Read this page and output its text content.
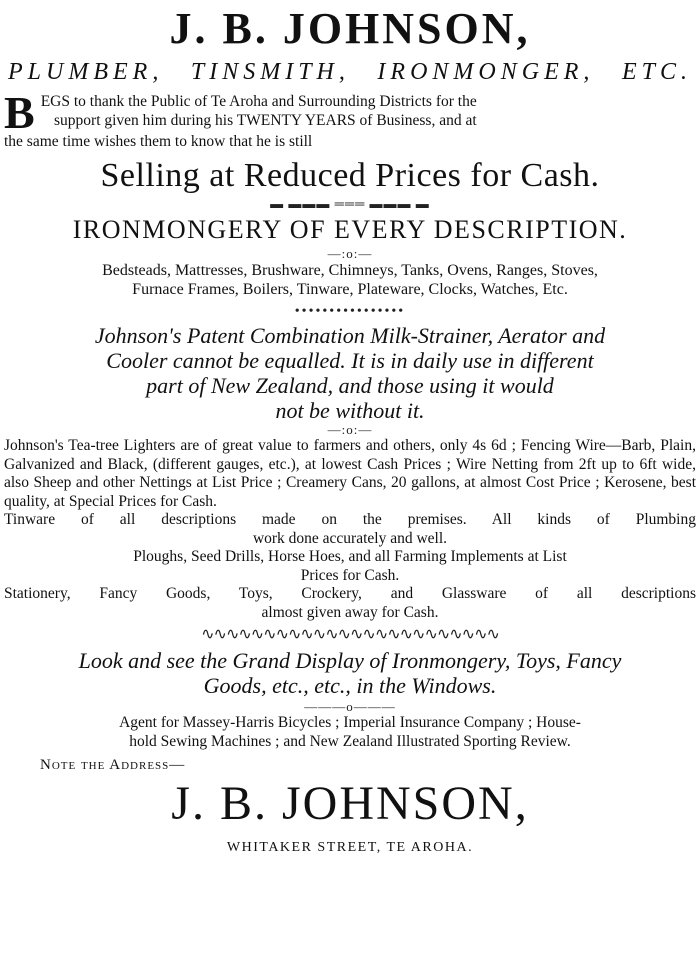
J. B. JOHNSON,
PLUMBER, TINSMITH, IRONMONGER, ETC.
B EGS to thank the Public of Te Aroha and Surrounding Districts for the
support given him during his TWENTY YEARS of Business, and at
the same time wishes them to know that he is still
Selling at Reduced Prices for Cash.
▬ ▬▬▬ ═══ ▬▬▬ ▬
IRONMONGERY OF EVERY DESCRIPTION.
—:o:—
Bedsteads, Mattresses, Brushware, Chimneys, Tanks, Ovens, Ranges, Stoves,
Furnace Frames, Boilers, Tinware, Plateware, Clocks, Watches, Etc.
••••••••••••••••
Johnson's Patent Combination Milk-Strainer, Aerator and
Cooler cannot be equalled. It is in daily use in different
part of New Zealand, and those using it would
not be without it.
—:o:—
Johnson's Tea-tree Lighters are of great value to farmers and others, only 4s 6d ; Fencing Wire—Barb, Plain, Galvanized and Black, (different gauges, etc.), at lowest Cash Prices ; Wire Netting from 2ft up to 6ft wide, also Sheep and other Nettings at List Price ; Creamery Cans, 20 gallons, at almost Cost Price ; Kerosene, best quality, at Special Prices for Cash.
Tinware of all descriptions made on the premises. All kinds of Plumbing
work done accurately and well.
Ploughs, Seed Drills, Horse Hoes, and all Farming Implements at List
Prices for Cash.
Stationery, Fancy Goods, Toys, Crockery, and Glassware of all descriptions
almost given away for Cash.
∿∿∿∿∿∿∿∿∿∿∿∿∿∿∿∿∿∿∿∿∿∿∿∿
Look and see the Grand Display of Ironmongery, Toys, Fancy
Goods, etc., etc., in the Windows.
———o———
Agent for Massey-Harris Bicycles ; Imperial Insurance Company ; House-
hold Sewing Machines ; and New Zealand Illustrated Sporting Review.
Note the Address—
J. B. JOHNSON,
WHITAKER STREET, TE AROHA.
